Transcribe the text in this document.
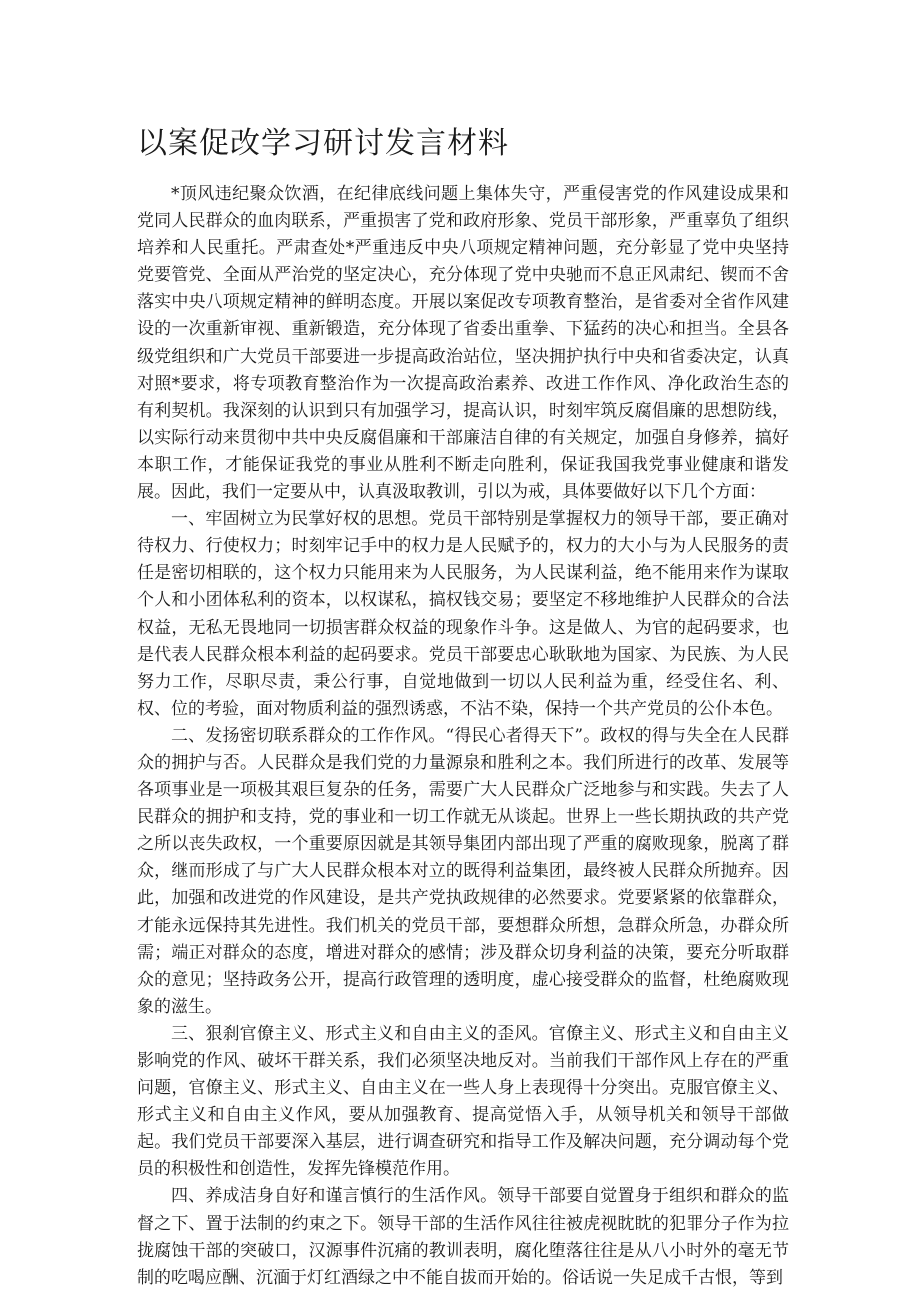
以案促改学习研讨发言材料

*顶风违纪聚众饮酒，在纪律底线问题上集体失守，严重侵害党的作风建设成果和党同人民群众的血肉联系，严重损害了党和政府形象、党员干部形象，严重辜负了组织培养和人民重托。严肃查处*严重违反中央八项规定精神问题，充分彰显了党中央坚持党要管党、全面从严治党的坚定决心，充分体现了党中央驰而不息正风肃纪、锲而不舍落实中央八项规定精神的鲜明态度。开展以案促改专项教育整治，是省委对全省作风建设的一次重新审视、重新锻造，充分体现了省委出重拳、下猛药的决心和担当。全县各级党组织和广大党员干部要进一步提高政治站位，坚决拥护执行中央和省委决定，认真对照*要求，将专项教育整治作为一次提高政治素养、改进工作作风、净化政治生态的有利契机。我深刻的认识到只有加强学习，提高认识，时刻牢筑反腐倡廉的思想防线，以实际行动来贯彻中共中央反腐倡廉和干部廉洁自律的有关规定，加强自身修养，搞好本职工作，才能保证我党的事业从胜利不断走向胜利，保证我国我党事业健康和谐发展。因此，我们一定要从中，认真汲取教训，引以为戒，具体要做好以下几个方面：

一、牢固树立为民掌好权的思想。党员干部特别是掌握权力的领导干部，要正确对待权力、行使权力；时刻牢记手中的权力是人民赋予的，权力的大小与为人民服务的责任是密切相联的，这个权力只能用来为人民服务，为人民谋利益，绝不能用来作为谋取个人和小团体私利的资本，以权谋私，搞权钱交易；要坚定不移地维护人民群众的合法权益，无私无畏地同一切损害群众权益的现象作斗争。这是做人、为官的起码要求，也是代表人民群众根本利益的起码要求。党员干部要忠心耿耿地为国家、为民族、为人民努力工作，尽职尽责，秉公行事，自觉地做到一切以人民利益为重，经受住名、利、权、位的考验，面对物质利益的强烈诱惑，不沾不染，保持一个共产党员的公仆本色。

二、发扬密切联系群众的工作作风。“得民心者得天下”。政权的得与失全在人民群众的拥护与否。人民群众是我们党的力量源泉和胜利之本。我们所进行的改革、发展等各项事业是一项极其艰巨复杂的任务，需要广大人民群众广泛地参与和实践。失去了人民群众的拥护和支持，党的事业和一切工作就无从谈起。世界上一些长期执政的共产党之所以丧失政权，一个重要原因就是其领导集团内部出现了严重的腐败现象，脱离了群众，继而形成了与广大人民群众根本对立的既得利益集团，最终被人民群众所抛弃。因此，加强和改进党的作风建设，是共产党执政规律的必然要求。党要紧紧的依靠群众，才能永远保持其先进性。我们机关的党员干部，要想群众所想，急群众所急，办群众所需；端正对群众的态度，增进对群众的感情；涉及群众切身利益的决策，要充分听取群众的意见；坚持政务公开，提高行政管理的透明度，虚心接受群众的监督，杜绝腐败现象的滋生。

三、狠刹官僚主义、形式主义和自由主义的歪风。官僚主义、形式主义和自由主义影响党的作风、破坏干群关系，我们必须坚决地反对。当前我们干部作风上存在的严重问题，官僚主义、形式主义、自由主义在一些人身上表现得十分突出。克服官僚主义、形式主义和自由主义作风，要从加强教育、提高觉悟入手，从领导机关和领导干部做起。我们党员干部要深入基层，进行调查研究和指导工作及解决问题，充分调动每个党员的积极性和创造性，发挥先锋模范作用。

四、养成洁身自好和谨言慎行的生活作风。领导干部要自觉置身于组织和群众的监督之下、置于法制的约束之下。领导干部的生活作风往往被虎视眈眈的犯罪分子作为拉拢腐蚀干部的突破口，汉源事件沉痛的教训表明，腐化堕落往往是从八小时外的毫无节制的吃喝应酬、沉湎于灯红酒绿之中不能自拔而开始的。俗话说一失足成千古恨，等到
